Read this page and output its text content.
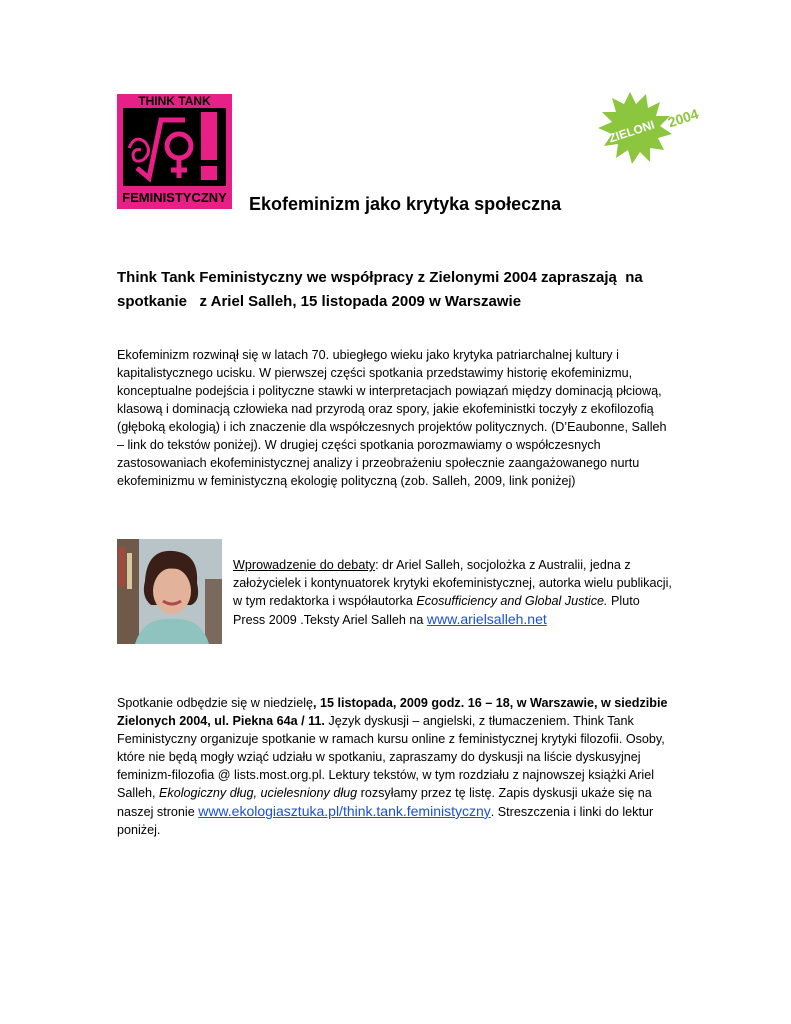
THINK TANK
FEMINISTYCZNY
ZIELONI 2004
Ekofeminizm jako krytyka społeczna
Think Tank Feministyczny we współpracy z Zielonymi 2004 zapraszają  na
spotkanie   z Ariel Salleh, 15 listopada 2009 w Warszawie
Ekofeminizm rozwinął się w latach 70. ubiegłego wieku jako krytyka patriarchalnej kultury i kapitalistycznego ucisku. W pierwszej części spotkania przedstawimy historię ekofeminizmu, konceptualne podejścia i polityczne stawki w interpretacjach powiązań między dominacją płciową, klasową i dominacją człowieka nad przyrodą oraz spory, jakie ekofeministki toczyły z ekofilozofią (głęboką ekologią) i ich znaczenie dla współczesnych projektów politycznych. (D’Eaubonne, Salleh – link do tekstów poniżej). W drugiej części spotkania porozmawiamy o współczesnych zastosowaniach ekofeministycznej analizy i przeobrażeniu społecznie zaangażowanego nurtu ekofeminizmu w feministyczną ekologię polityczną (zob. Salleh, 2009, link poniżej)
Wprowadzenie do debaty: dr Ariel Salleh, socjolożka z Australii, jedna z założycielek i kontynuatorek krytyki ekofeministycznej, autorka wielu publikacji, w tym redaktorka i współautorka Ecosufficiency and Global Justice. Pluto Press 2009 .Teksty Ariel Salleh na www.arielsalleh.net
Spotkanie odbędzie się w niedzielę, 15 listopada, 2009 godz. 16 – 18, w Warszawie, w siedzibie Zielonych 2004, ul. Piekna 64a / 11. Język dyskusji – angielski, z tłumaczeniem. Think Tank Feministyczny organizuje spotkanie w ramach kursu online z feministycznej krytyki filozofii. Osoby, które nie będą mogły wziąć udziału w spotkaniu, zapraszamy do dyskusji na liście dyskusyjnej feminizm-filozofia @ lists.most.org.pl. Lektury tekstów, w tym rozdziału z najnowszej książki Ariel Salleh, Ekologiczny dług, ucielesniony dług rozsyłamy przez tę listę. Zapis dyskusji ukaże się na naszej stronie www.ekologiasztuka.pl/think.tank.feministyczny. Streszczenia i linki do lektur poniżej.
